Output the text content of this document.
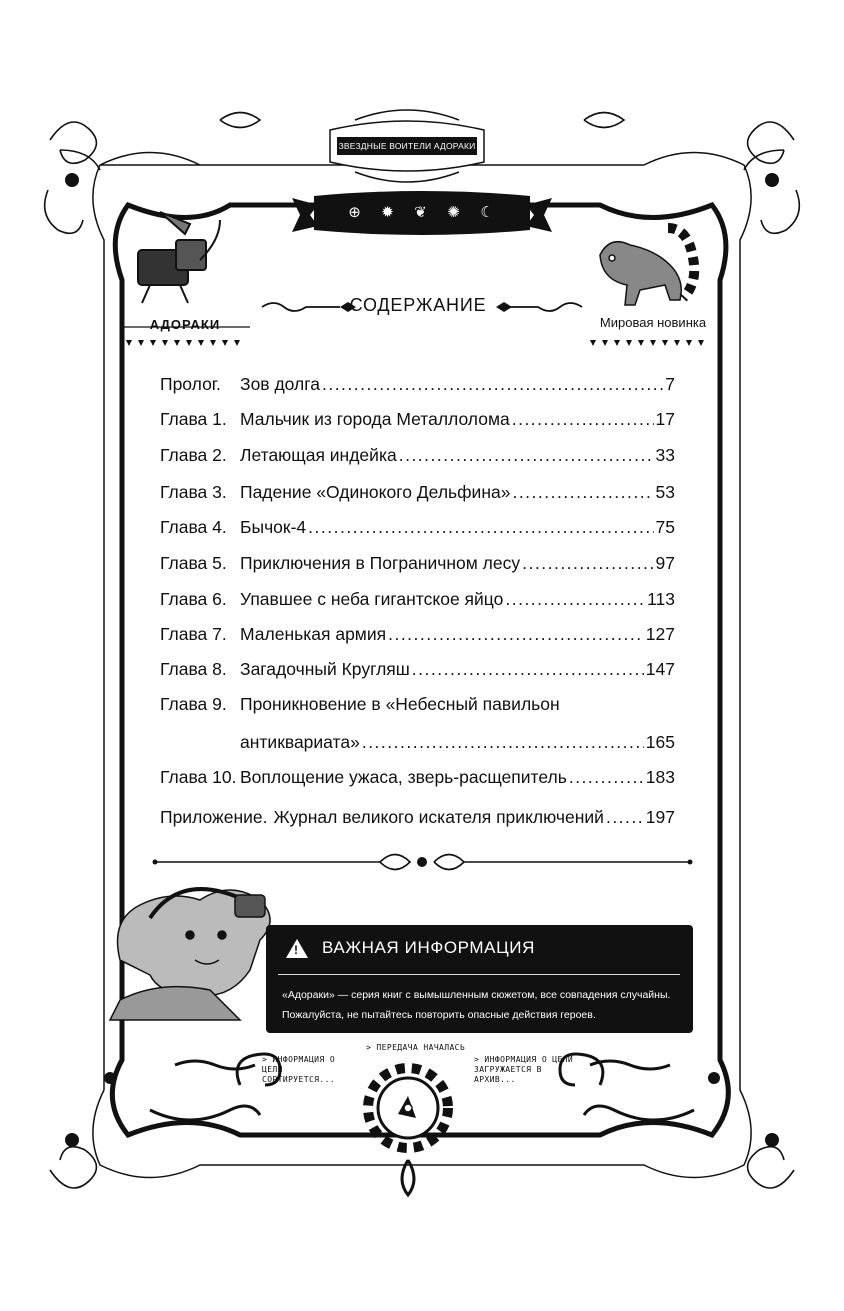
ЗВЕЗДНЫЕ ВОИТЕЛИ АДОРАКИ
⊕ ✹ ❦ ✺ ☾
СОДЕРЖАНИЕ
АДОРАКИ	Мировая новинка
Пролог.	Зов долга .....	7
Глава 1. Мальчик из города Металлолома .....	17
Глава 2. Летающая индейка .....	33
Глава 3. Падение «Одинокого Дельфина» .....	53
Глава 4. Бычок-4 .....	75
Глава 5. Приключения в Пограничном лесу .....	97
Глава 6. Упавшее с неба гигантское яйцо .....	113
Глава 7. Маленькая армия .....	127
Глава 8. Загадочный Кругляш .....	147
Глава 9. Проникновение в «Небесный павильон
антиквариата» .....	165
Глава 10. Воплощение ужаса, зверь-расщепитель .....	183
Приложение. Журнал великого искателя приключений ..... 197
! ВАЖНАЯ ИНФОРМАЦИЯ
«Адораки» — серия книг с вымышленным сюжетом, все совпадения случайны.
Пожалуйста, не пытайтесь повторить опасные действия героев.
> ИНФОРМАЦИЯ О ЦЕЛИ СОРТИРУЕТСЯ...
> ПЕРЕДАЧА НАЧАЛАСЬ
> ИНФОРМАЦИЯ О ЦЕЛИ ЗАГРУЖАЕТСЯ В АРХИВ...
